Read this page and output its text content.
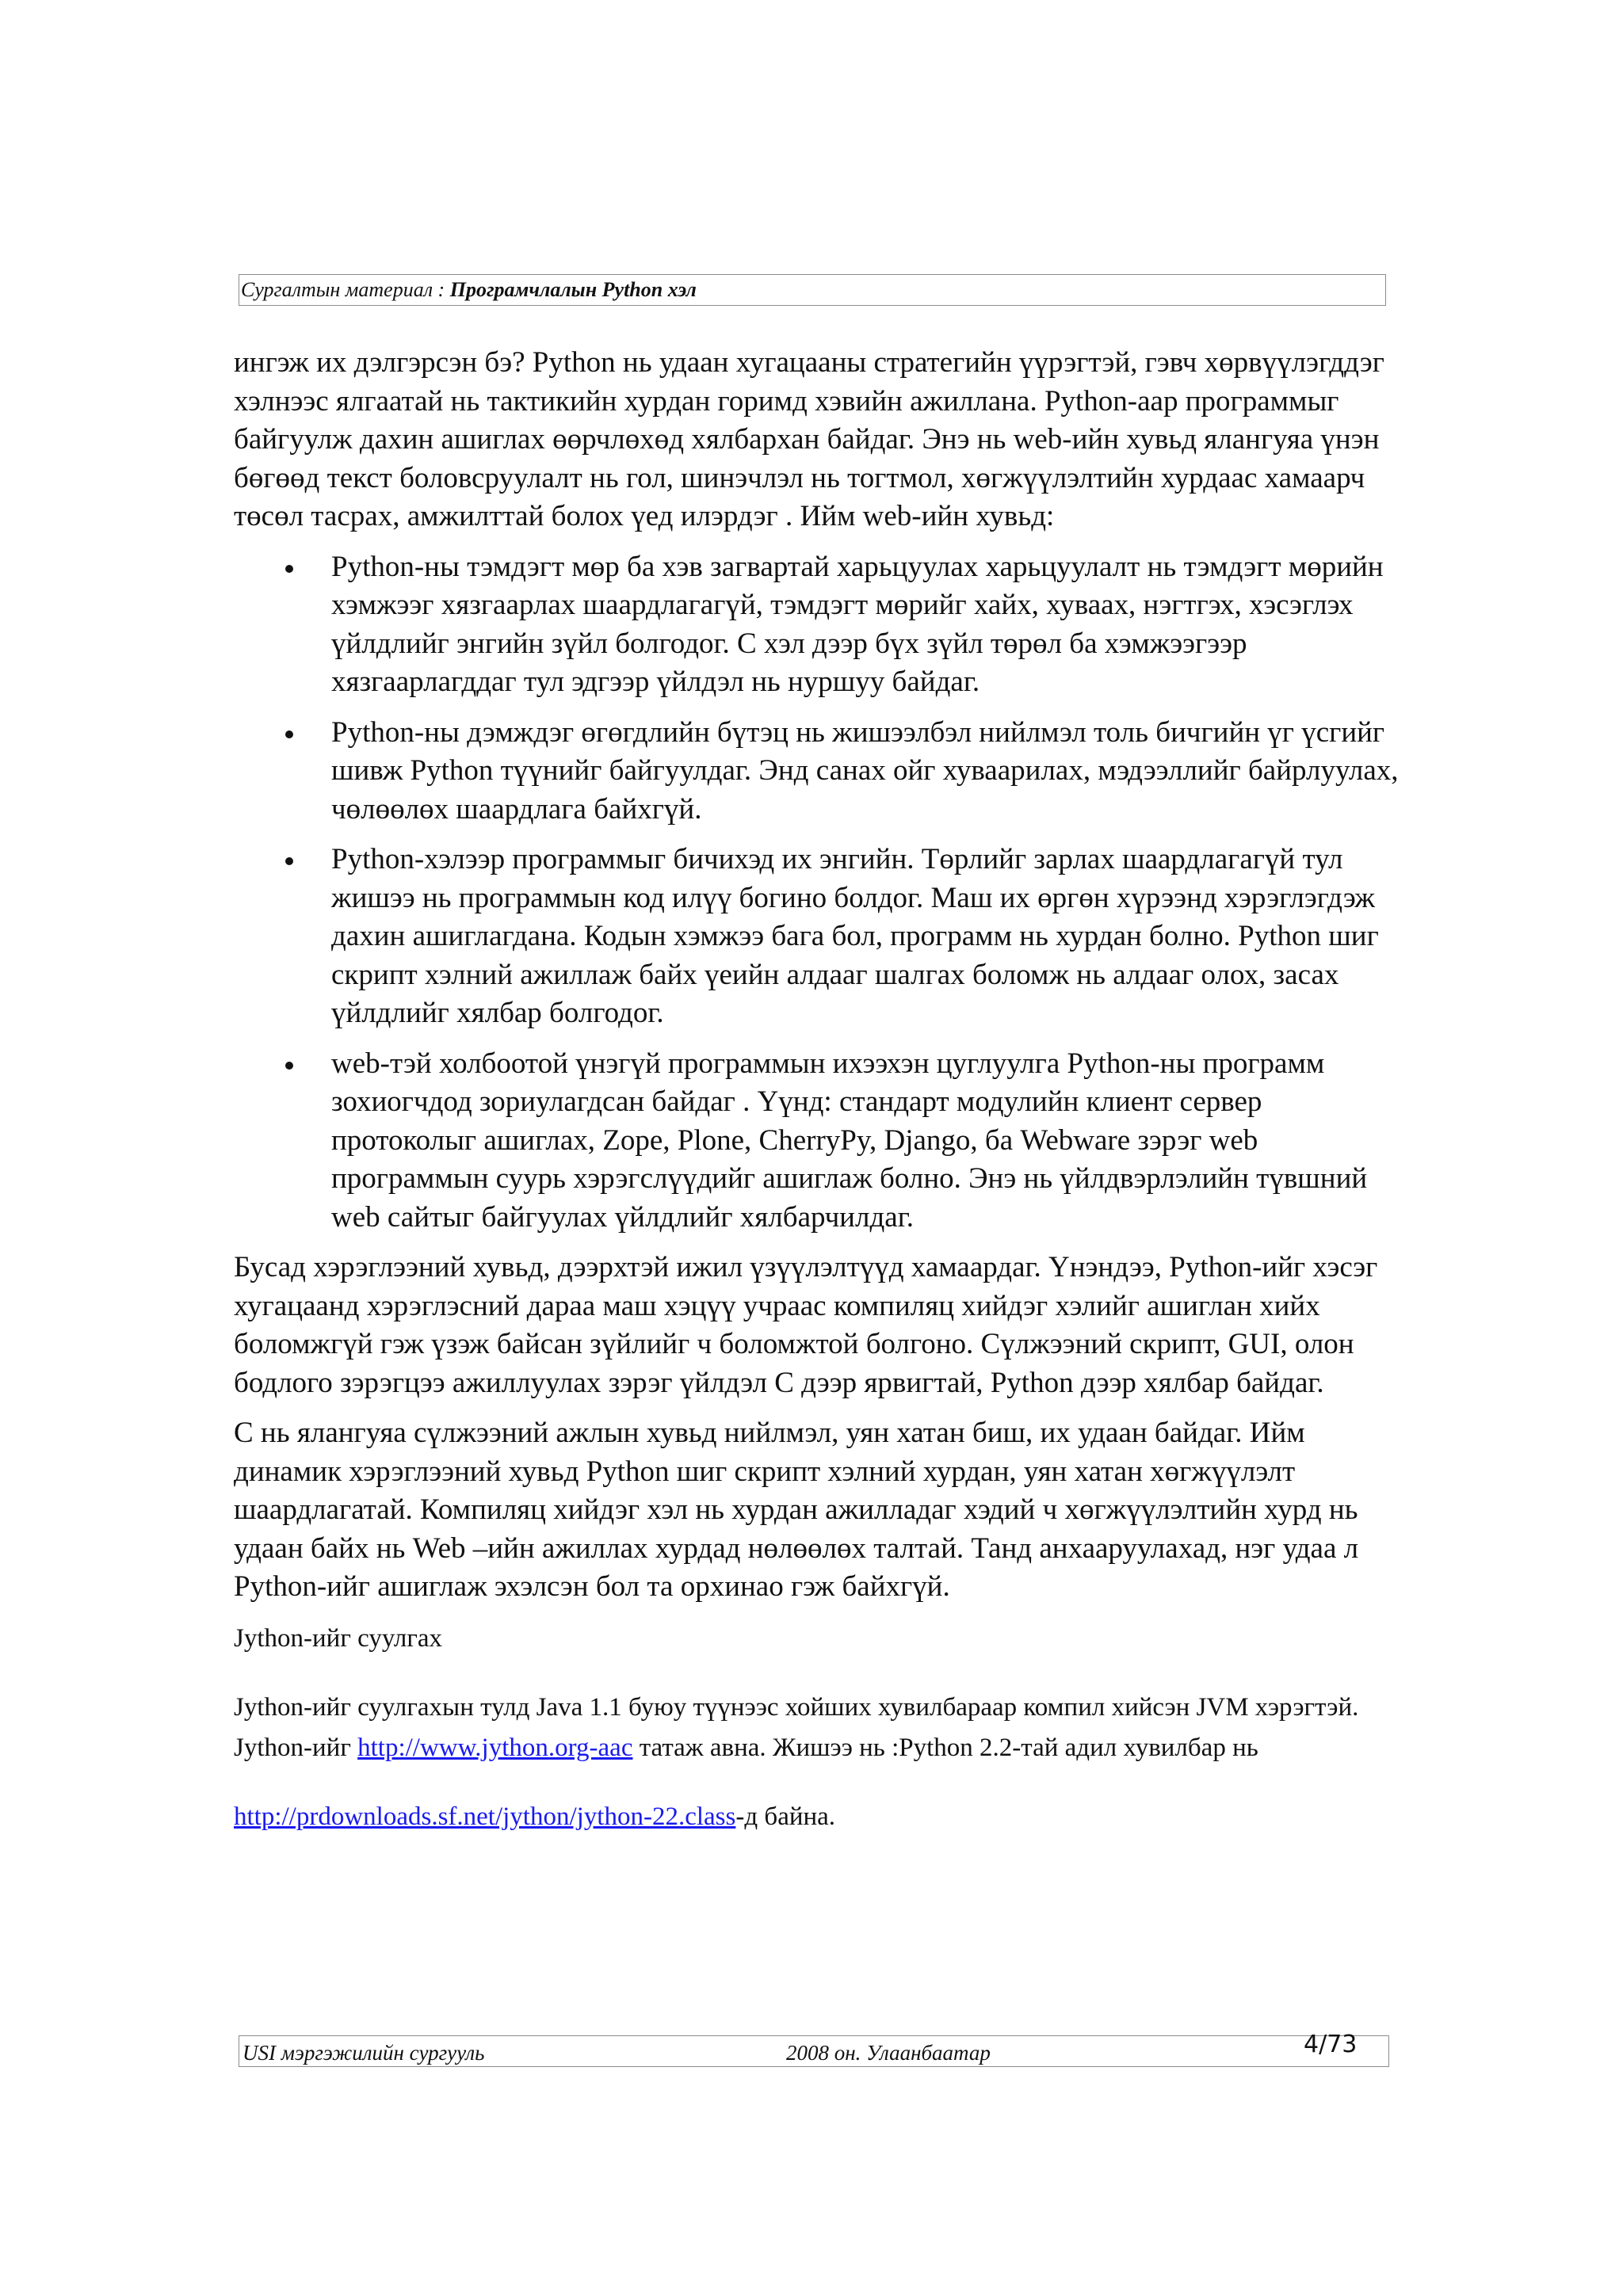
Сургалтын материал : Програмчлалын Python хэл

ингэж их дэлгэрсэн бэ? Python нь удаан хугацааны стратегийн үүрэгтэй, гэвч хөрвүүлэгддэг хэлнээс ялгаатай нь тактикийн хурдан горимд хэвийн ажиллана. Python-аар программыг байгуулж дахин ашиглах өөрчлөхөд хялбархан байдаг. Энэ нь web-ийн хувьд ялангуяа үнэн бөгөөд текст боловсруулалт нь гол, шинэчлэл нь тогтмол, хөгжүүлэлтийн хурдаас хамаарч төсөл тасрах, амжилттай болох үед илэрдэг . Ийм web-ийн хувьд:

Python-ны тэмдэгт мөр ба хэв загвартай харьцуулах харьцуулалт нь тэмдэгт мөрийн хэмжээг хязгаарлах шаардлагагүй, тэмдэгт мөрийг хайх, хуваах, нэгтгэх, хэсэглэх үйлдлийг энгийн зүйл болгодог. C хэл дээр бүх зүйл төрөл ба хэмжээгээр хязгаарлагддаг тул эдгээр үйлдэл нь нуршуу байдаг.
Python-ны дэмждэг өгөгдлийн бүтэц нь жишээлбэл нийлмэл толь бичгийн үг үсгийг шивж Python түүнийг байгуулдаг. Энд санах ойг хуваарилах, мэдээллийг байрлуулах, чөлөөлөх шаардлага байхгүй.
Python-хэлээр программыг бичихэд их энгийн. Төрлийг зарлах шаардлагагүй тул жишээ нь программын код илүү богино болдог. Маш их өргөн хүрээнд хэрэглэгдэж дахин ашиглагдана. Кодын хэмжээ бага бол, программ нь хурдан болно. Python шиг скрипт хэлний ажиллаж байх үеийн алдааг шалгах боломж нь алдааг олох, засах үйлдлийг хялбар болгодог.
web-тэй холбоотой үнэгүй программын ихээхэн цуглуулга Python-ны программ зохиогчдод зориулагдсан байдаг . Үүнд: стандарт модулийн клиент сервер протоколыг ашиглах, Zope, Plone, CherryPy, Django, ба Webware зэрэг web программын суурь хэрэгслүүдийг ашиглаж болно. Энэ нь үйлдвэрлэлийн түвшний web сайтыг байгуулах үйлдлийг хялбарчилдаг.

Бусад хэрэглээний хувьд, дээрхтэй ижил үзүүлэлтүүд хамаардаг. Үнэндээ, Python-ийг хэсэг хугацаанд хэрэглэсний дараа маш хэцүү учраас компиляц хийдэг хэлийг ашиглан хийх боломжгүй гэж үзэж байсан зүйлийг ч боломжтой болгоно. Сүлжээний скрипт, GUI, олон бодлого зэрэгцээ ажиллуулах зэрэг үйлдэл C дээр ярвигтай, Python дээр хялбар байдаг.

C нь ялангуяа сүлжээний ажлын хувьд нийлмэл, уян хатан биш, их удаан байдаг. Ийм динамик хэрэглээний хувьд Python шиг скрипт хэлний хурдан, уян хатан хөгжүүлэлт шаардлагатай. Компиляц хийдэг хэл нь хурдан ажилладаг хэдий ч хөгжүүлэлтийн хурд нь удаан байх нь Web –ийн ажиллах хурдад нөлөөлөх талтай. Танд анхааруулахад, нэг удаа л Python-ийг ашиглаж эхэлсэн бол та орхинао гэж байхгүй.

Jython-ийг суулгах

Jython-ийг суулгахын тулд Java 1.1 буюу түүнээс хойших хувилбараар компил хийсэн JVM хэрэгтэй. Jython-ийг http://www.jython.org-аас татаж авна. Жишээ нь :Python 2.2-тай адил хувилбар нь

http://prdownloads.sf.net/jython/jython-22.class-д байна.

USI мэргэжилийн сургууль	2008 он. Улаанбаатар	4/73
